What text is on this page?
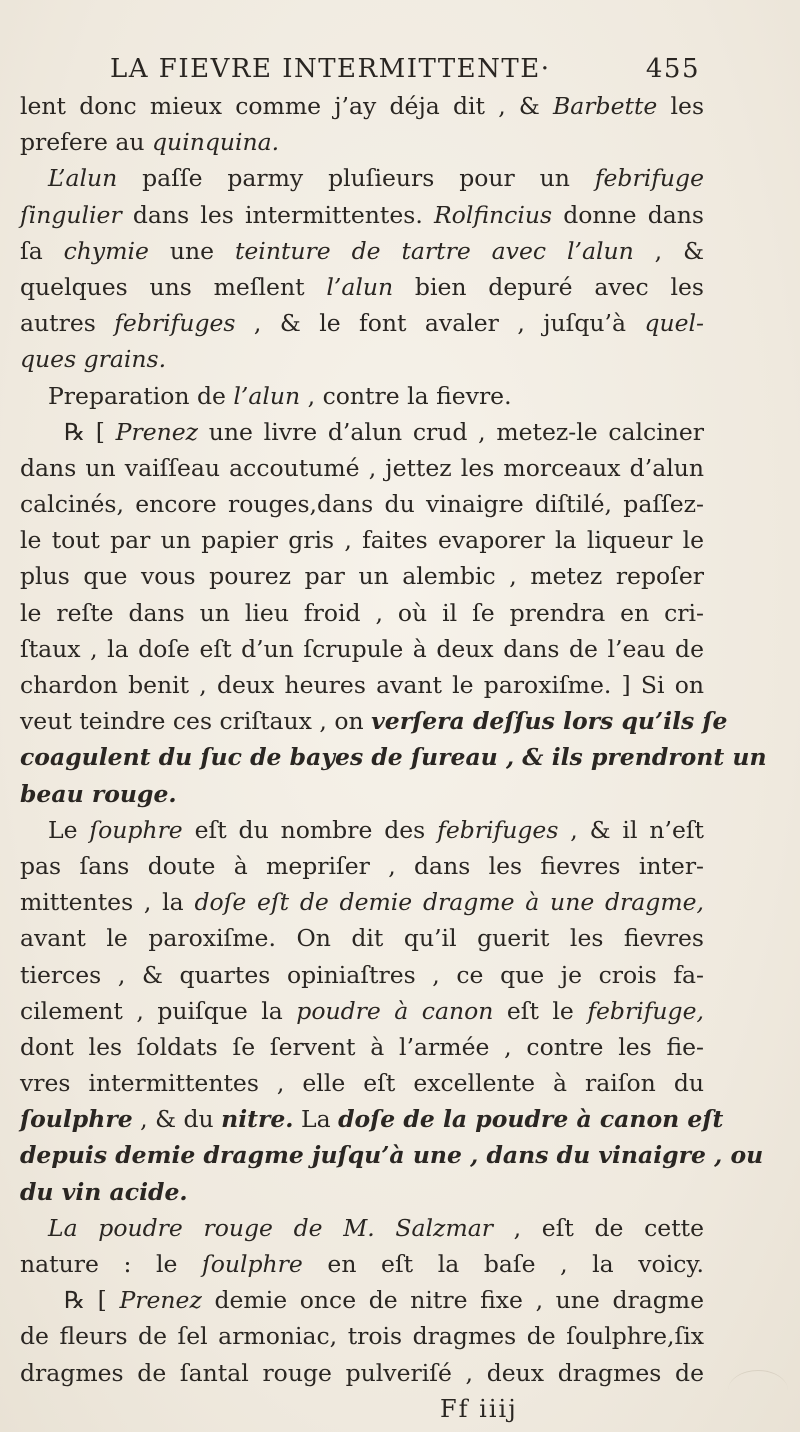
LA FIEVRE INTERMITTENTE·	455
lent donc mieux comme j’ay déja dit , & Barbette les
prefere au quinquina.
L’alun paſſe parmy pluſieurs pour un febrifuge
ſingulier dans les intermittentes. Rolfincius donne dans
ſa chymie une teinture de tartre avec l’alun , &
quelques uns meſlent l’alun bien depuré avec les
autres febrifuges , & le font avaler , juſqu’à quel-
ques grains.
Preparation de l’alun , contre la fievre.
℞ [ Prenez une livre d’alun crud , metez-le calciner
dans un vaiſſeau accoutumé , jettez les morceaux d’alun
calcinés, encore rouges,dans du vinaigre diſtilé, paſſez-
le tout par un papier gris , faites evaporer la liqueur le
plus que vous pourez par un alembic , metez repoſer
le reſte dans un lieu froid , où il ſe prendra en cri-
ſtaux , la doſe eſt d’un ſcrupule à deux dans de l’eau de
chardon benit , deux heures avant le paroxiſme. ] Si on
veut teindre ces criſtaux , on verſera deſſus lors qu’ils ſe
coagulent du ſuc de bayes de ſureau , & ils prendront un
beau rouge.
Le ſouphre eſt du nombre des febrifuges , & il n’eſt
pas ſans doute à mepriſer , dans les fievres inter-
mittentes , la doſe eſt de demie dragme à une dragme,
avant le paroxiſme. On dit qu’il guerit les fievres
tierces , & quartes opiniaſtres , ce que je crois fa-
cilement , puiſque la poudre à canon eſt le febrifuge,
dont les ſoldats ſe ſervent à l’armée , contre les fie-
vres intermittentes , elle eſt excellente à raiſon du
ſoulphre , & du nitre. La doſe de la poudre à canon eſt
depuis demie dragme juſqu’à une , dans du vinaigre , ou
du vin acide.
La poudre rouge de M. Salzmar , eſt de cette
nature : le ſoulphre en eſt la baſe , la voicy.
℞ [ Prenez demie once de nitre fixe , une dragme
de fleurs de ſel armoniac, trois dragmes de ſoulphre,ſix
dragmes de ſantal rouge pulveriſé , deux dragmes de
Ff iiij
